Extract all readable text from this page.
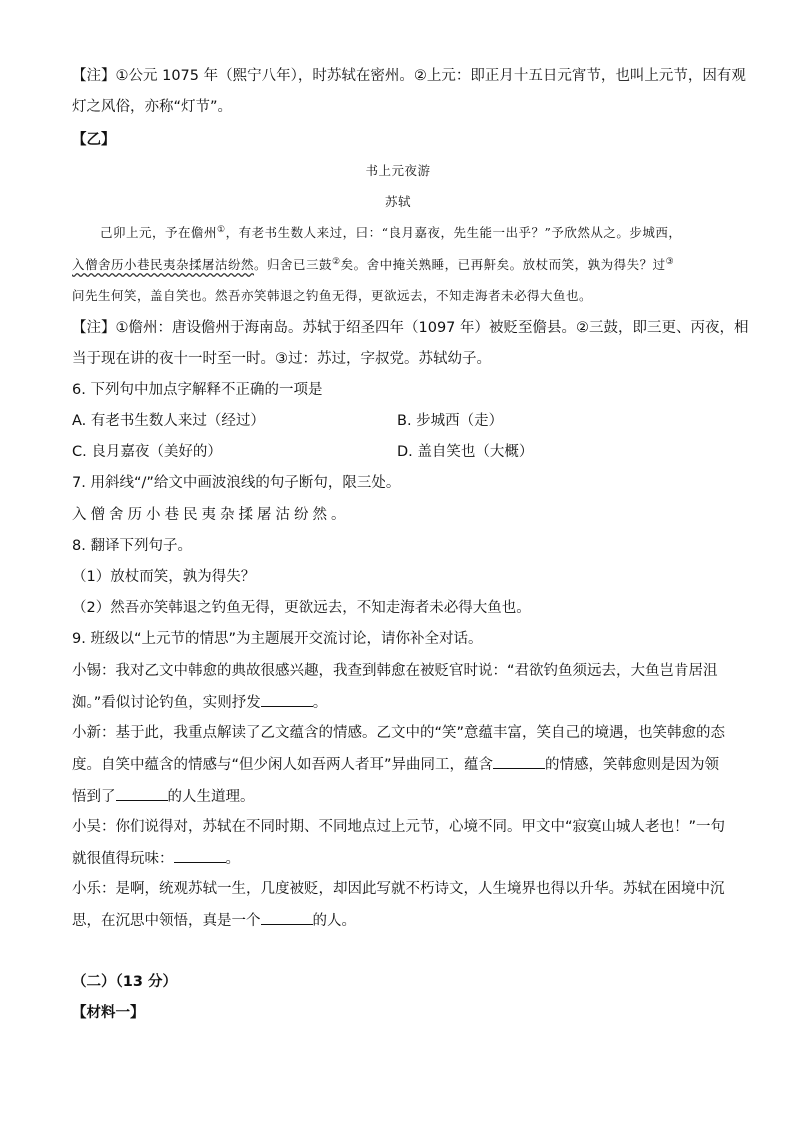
【注】①公元 1075 年（熙宁八年），时苏轼在密州。②上元：即正月十五日元宵节，也叫上元节，因有观
灯之风俗，亦称“灯节”。
【乙】
书上元夜游
苏轼
己卯上元，予在儋州①，有老书生数人来过，曰：“良月嘉夜，先生能一出乎？”予欣然从之。步城西，
入僧舍历小巷民夷杂揉屠沽纷然。归舍已三鼓②矣。舍中掩关熟睡，已再鼾矣。放杖而笑，孰为得失？过③
问先生何笑，盖自笑也。然吾亦笑韩退之钓鱼无得，更欲远去，不知走海者未必得大鱼也。
【注】①儋州：唐设儋州于海南岛。苏轼于绍圣四年（1097 年）被贬至儋县。②三鼓，即三更、丙夜，相
当于现在讲的夜十一时至一时。③过：苏过，字叔党。苏轼幼子。
6. 下列句中加点字解释不正确的一项是
A. 有老书生数人来过（经过）	B. 步城西（走）
C. 良月嘉夜（美好的）	D. 盖自笑也（大概）
7. 用斜线“/”给文中画波浪线的句子断句，限三处。
入僧舍历小巷民夷杂揉屠沽纷然。
8. 翻译下列句子。
（1）放杖而笑，孰为得失？
（2）然吾亦笑韩退之钓鱼无得，更欲远去，不知走海者未必得大鱼也。
9. 班级以“上元节的情思”为主题展开交流讨论，请你补全对话。
小锡：我对乙文中韩愈的典故很感兴趣，我查到韩愈在被贬官时说：“君欲钓鱼须远去，大鱼岂肯居沮
洳。”看似讨论钓鱼，实则抒发	。
小新：基于此，我重点解读了乙文蕴含的情感。乙文中的“笑”意蕴丰富，笑自己的境遇，也笑韩愈的态
度。自笑中蕴含的情感与“但少闲人如吾两人者耳”异曲同工，蕴含	的情感，笑韩愈则是因为领
悟到了	的人生道理。
小吴：你们说得对，苏轼在不同时期、不同地点过上元节，心境不同。甲文中“寂寞山城人老也！”一句
就很值得玩味：	。
小乐：是啊，统观苏轼一生，几度被贬，却因此写就不朽诗文，人生境界也得以升华。苏轼在困境中沉
思，在沉思中领悟，真是一个	的人。
（二）（13 分）
【材料一】
